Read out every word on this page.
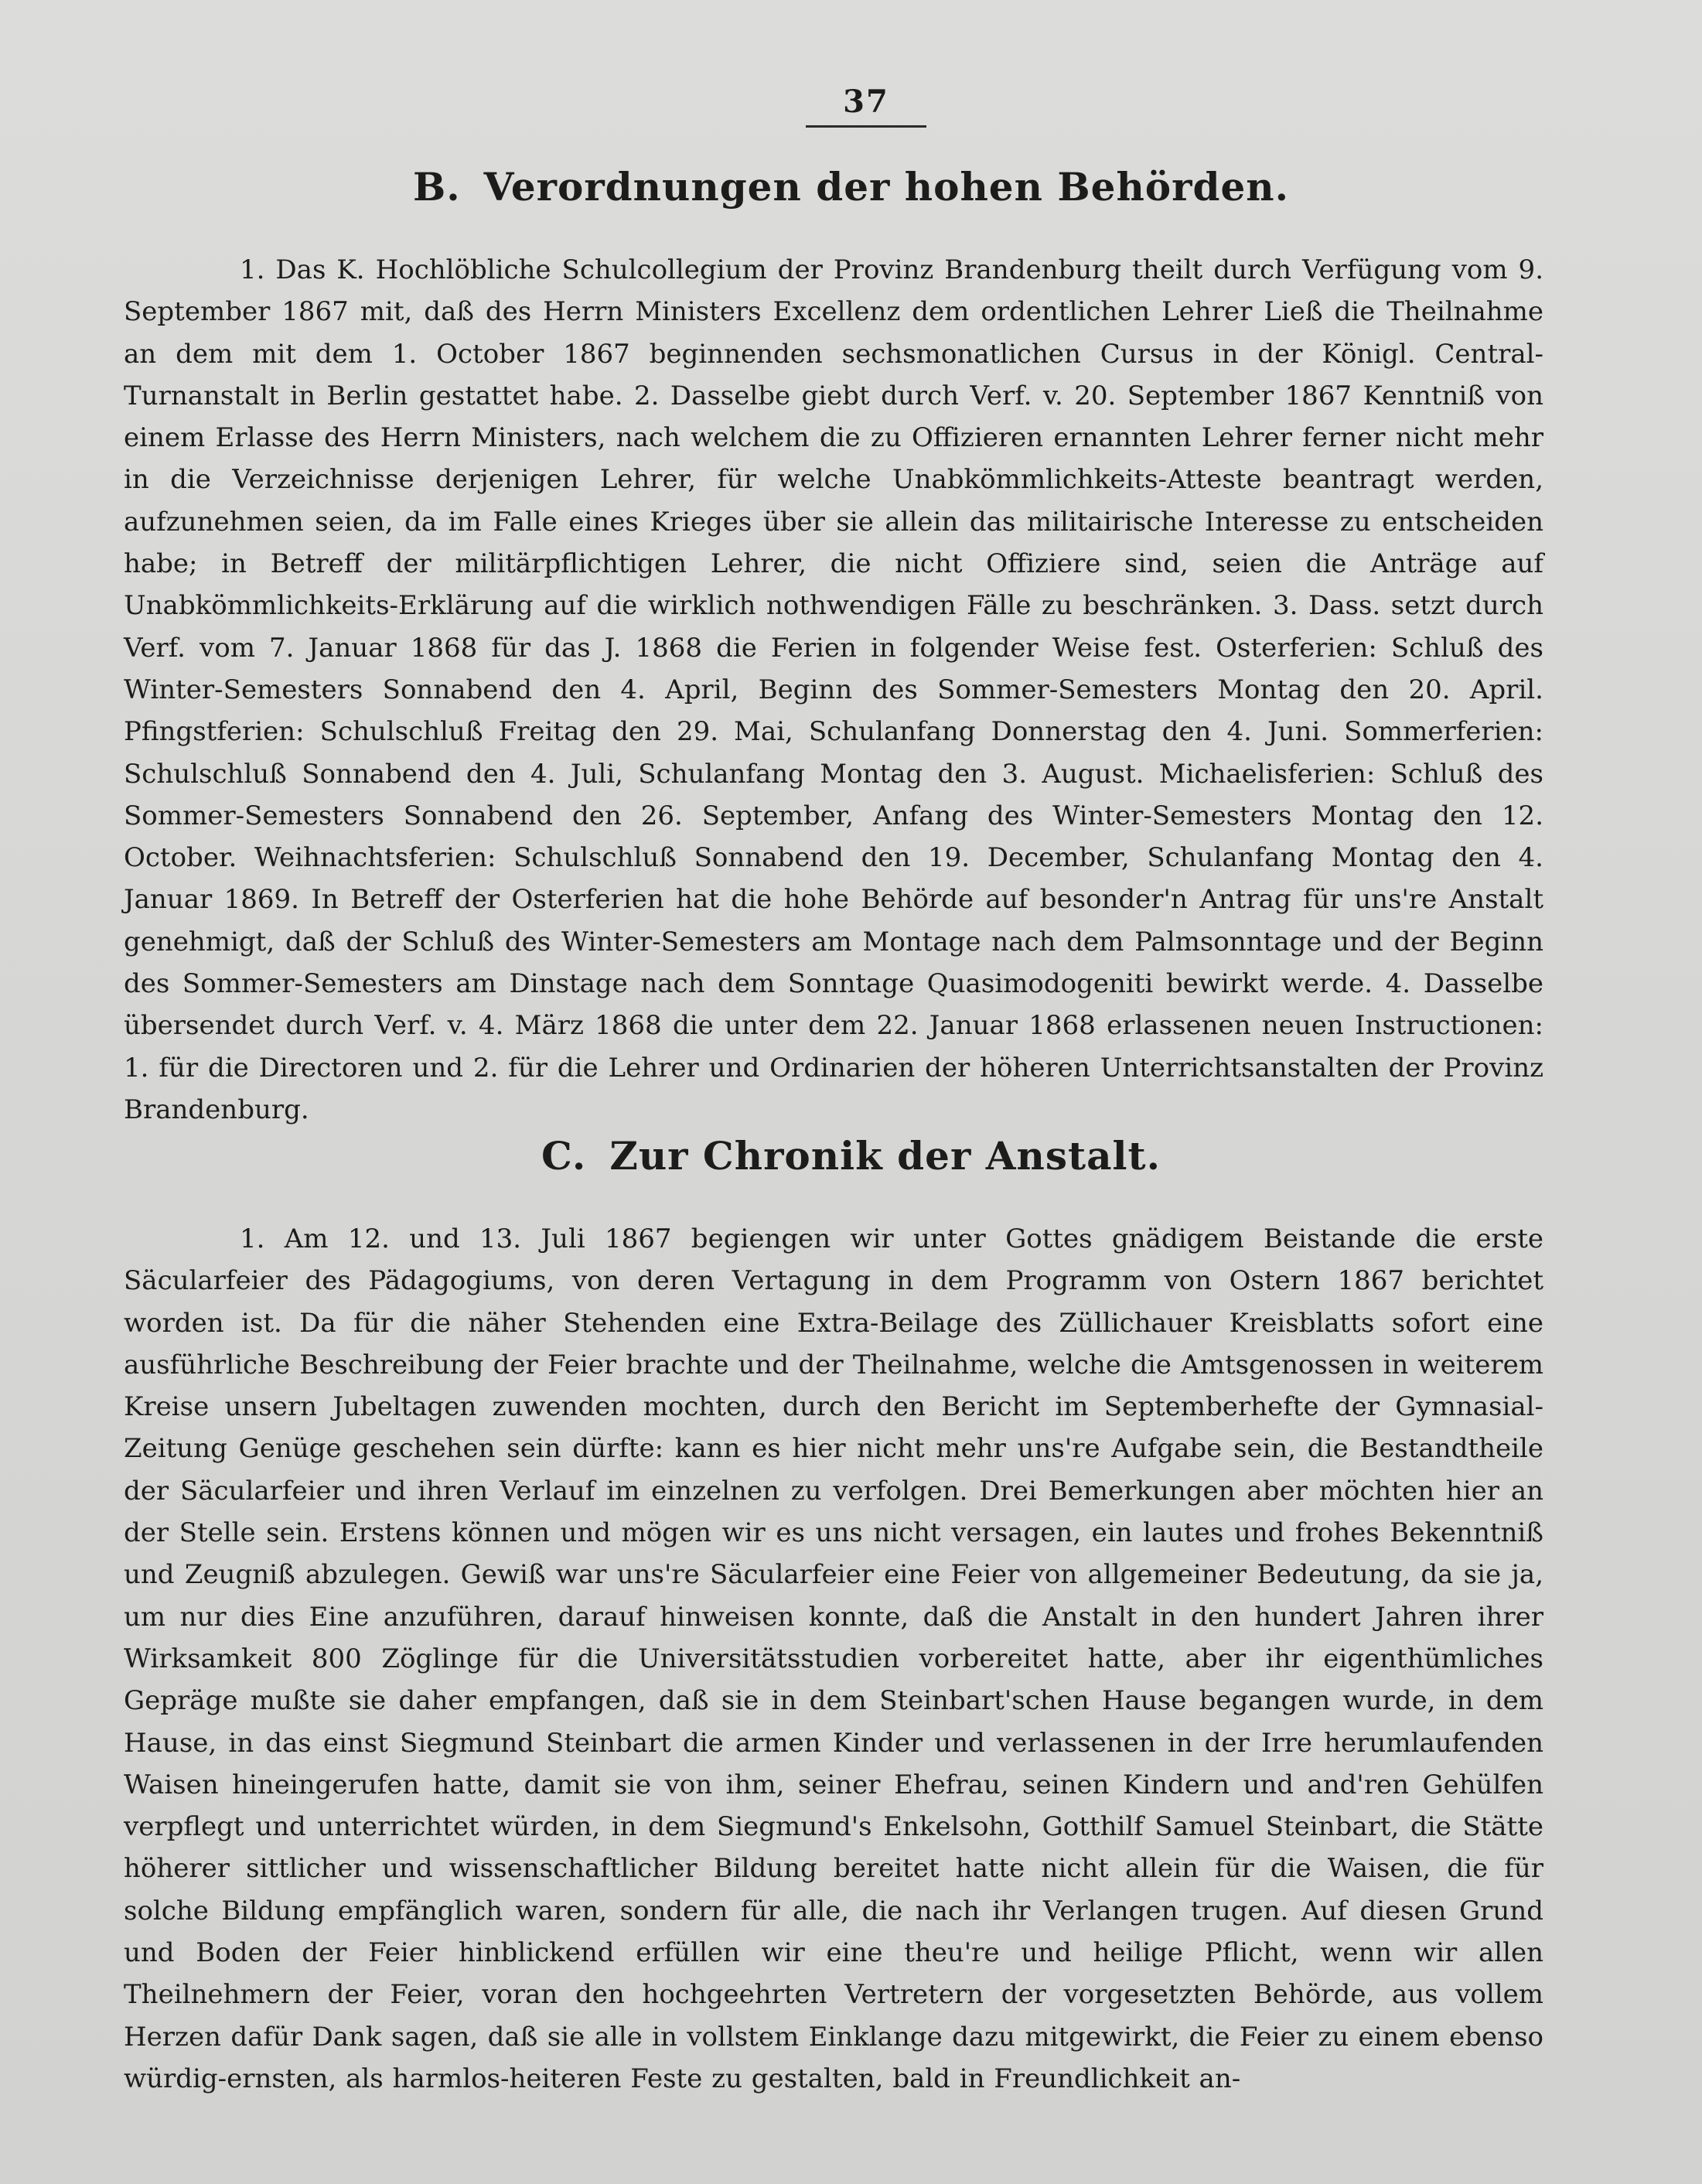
37
B. Verordnungen der hohen Behörden.
1. Das K. Hochlöbliche Schulcollegium der Provinz Brandenburg theilt durch Verfügung vom 9. September 1867 mit, daß des Herrn Ministers Excellenz dem ordentlichen Lehrer Ließ die Theilnahme an dem mit dem 1. October 1867 beginnenden sechsmonatlichen Cursus in der Königl. Central-Turnanstalt in Berlin gestattet habe. 2. Dasselbe giebt durch Verf. v. 20. September 1867 Kenntniß von einem Erlasse des Herrn Ministers, nach welchem die zu Offizieren ernannten Lehrer ferner nicht mehr in die Verzeichnisse derjenigen Lehrer, für welche Unabkömmlichkeits-Atteste beantragt werden, aufzunehmen seien, da im Falle eines Krieges über sie allein das militairische Interesse zu entscheiden habe; in Betreff der militärpflichtigen Lehrer, die nicht Offiziere sind, seien die Anträge auf Unabkömmlichkeits-Erklärung auf die wirklich nothwendigen Fälle zu beschränken. 3. Dass. setzt durch Verf. vom 7. Januar 1868 für das J. 1868 die Ferien in folgender Weise fest. Osterferien: Schluß des Winter-Semesters Sonnabend den 4. April, Beginn des Sommer-Semesters Montag den 20. April. Pfingstferien: Schulschluß Freitag den 29. Mai, Schulanfang Donnerstag den 4. Juni. Sommerferien: Schulschluß Sonnabend den 4. Juli, Schulanfang Montag den 3. August. Michaelisferien: Schluß des Sommer-Semesters Sonnabend den 26. September, Anfang des Winter-Semesters Montag den 12. October. Weihnachtsferien: Schulschluß Sonnabend den 19. December, Schulanfang Montag den 4. Januar 1869. In Betreff der Osterferien hat die hohe Behörde auf besonder'n Antrag für uns're Anstalt genehmigt, daß der Schluß des Winter-Semesters am Montage nach dem Palmsonntage und der Beginn des Sommer-Semesters am Dinstage nach dem Sonntage Quasimodogeniti bewirkt werde. 4. Dasselbe übersendet durch Verf. v. 4. März 1868 die unter dem 22. Januar 1868 erlassenen neuen Instructionen: 1. für die Directoren und 2. für die Lehrer und Ordinarien der höheren Unterrichtsanstalten der Provinz Brandenburg.
C. Zur Chronik der Anstalt.
1. Am 12. und 13. Juli 1867 begiengen wir unter Gottes gnädigem Beistande die erste Säcularfeier des Pädagogiums, von deren Vertagung in dem Programm von Ostern 1867 berichtet worden ist. Da für die näher Stehenden eine Extra-Beilage des Züllichauer Kreisblatts sofort eine ausführliche Beschreibung der Feier brachte und der Theilnahme, welche die Amtsgenossen in weiterem Kreise unsern Jubeltagen zuwenden mochten, durch den Bericht im Septemberhefte der Gymnasial-Zeitung Genüge geschehen sein dürfte: kann es hier nicht mehr uns're Aufgabe sein, die Bestandtheile der Säcularfeier und ihren Verlauf im einzelnen zu verfolgen. Drei Bemerkungen aber möchten hier an der Stelle sein. Erstens können und mögen wir es uns nicht versagen, ein lautes und frohes Bekenntniß und Zeugniß abzulegen. Gewiß war uns're Säcularfeier eine Feier von allgemeiner Bedeutung, da sie ja, um nur dies Eine anzuführen, darauf hinweisen konnte, daß die Anstalt in den hundert Jahren ihrer Wirksamkeit 800 Zöglinge für die Universitätsstudien vorbereitet hatte, aber ihr eigenthümliches Gepräge mußte sie daher empfangen, daß sie in dem Steinbart'schen Hause begangen wurde, in dem Hause, in das einst Siegmund Steinbart die armen Kinder und verlassenen in der Irre herumlaufenden Waisen hineingerufen hatte, damit sie von ihm, seiner Ehefrau, seinen Kindern und and'ren Gehülfen verpflegt und unterrichtet würden, in dem Siegmund's Enkelsohn, Gotthilf Samuel Steinbart, die Stätte höherer sittlicher und wissenschaftlicher Bildung bereitet hatte nicht allein für die Waisen, die für solche Bildung empfänglich waren, sondern für alle, die nach ihr Verlangen trugen. Auf diesen Grund und Boden der Feier hinblickend erfüllen wir eine theu're und heilige Pflicht, wenn wir allen Theilnehmern der Feier, voran den hochgeehrten Vertretern der vorgesetzten Behörde, aus vollem Herzen dafür Dank sagen, daß sie alle in vollstem Einklange dazu mitgewirkt, die Feier zu einem ebenso würdig-ernsten, als harmlos-heiteren Feste zu gestalten, bald in Freundlichkeit an-
